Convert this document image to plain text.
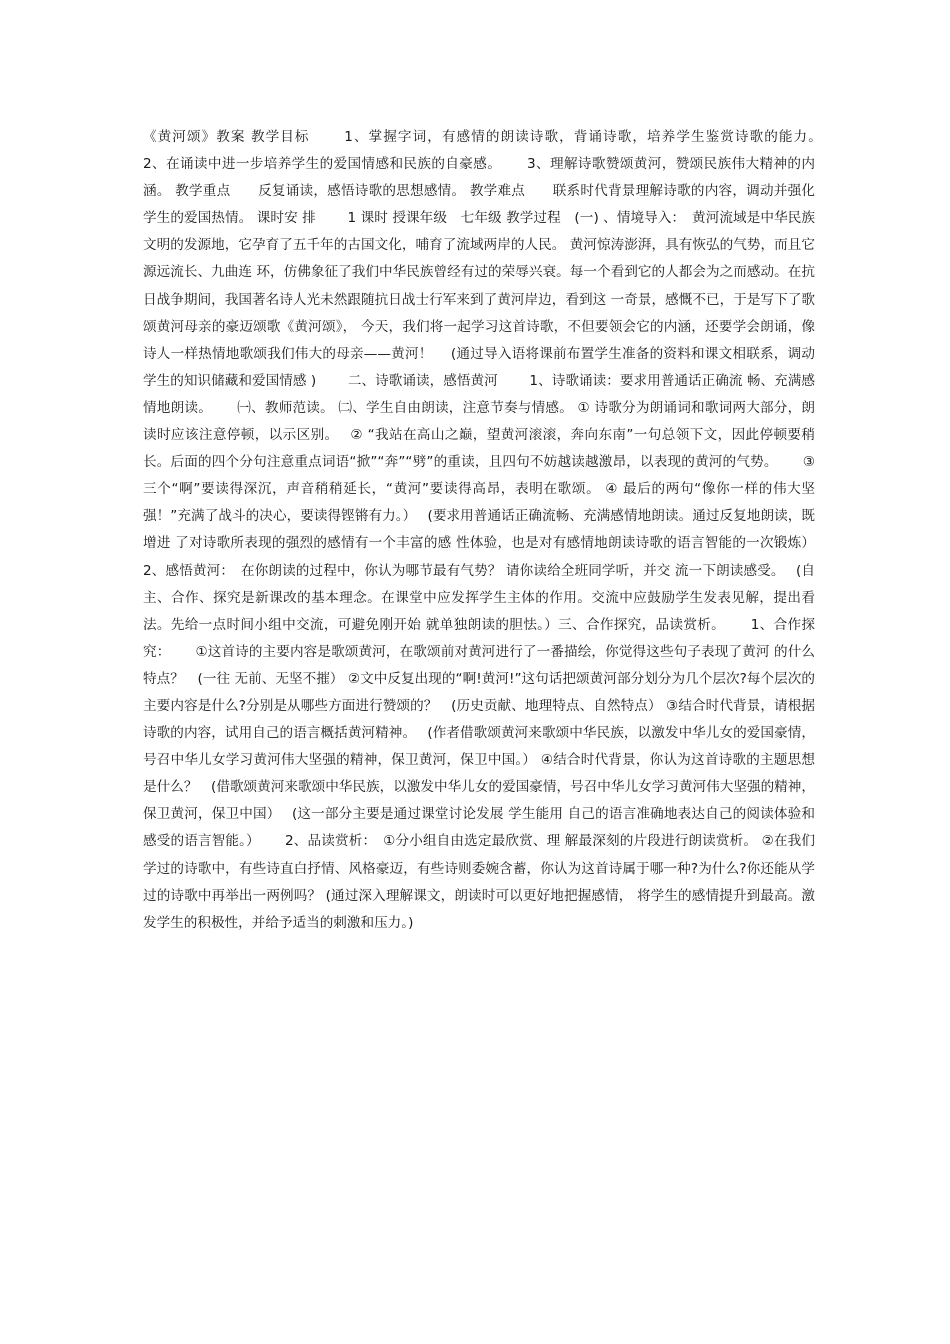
《黄河颂》教案 教学目标　　 1、掌握字词，有感情的朗读诗歌，背诵诗歌，培养学生鉴赏诗歌的能力。　　 2、在诵读中进一步培养学生的爱国情感和民族的自豪感。　　 3、理解诗歌赞颂黄河，赞颂民族伟大精神的内涵。 教学重点　　反复诵读，感悟诗歌的思想感情。 教学难点　　联系时代背景理解诗歌的内容，调动并强化学生的爱国热情。 课时安 排　　 1 课时 授课年级　七年级 教学过程　(一) 、情境导入：　黄河流域是中华民族文明的发源地，它孕育了五千年的古国文化，哺育了流域两岸的人民。 黄河惊涛澎湃，具有恢弘的气势，而且它源远流长、九曲连 环，仿佛象征了我们中华民族曾经有过的荣辱兴衰。每一个看到它的人都会为之而感动。在抗日战争期间，我国著名诗人光未然跟随抗日战士行军来到了黄河岸边，看到这 一奇景，感慨不已，于是写下了歌颂黄河母亲的豪迈颂歌《黄河颂》， 今天，我们将一起学习这首诗歌，不但要领会它的内涵，还要学会朗诵，像诗人一样热情地歌颂我们伟大的母亲——黄河！　 (通过导入语将课前布置学生准备的资料和课文相联系，调动学生的知识储藏和爱国情感 )　　 二、诗歌诵读，感悟黄河　　 1、诗歌诵读：要求用普通话正确流 畅、充满感情地朗读。　　 ㈠、教师范读。 ㈡、学生自由朗读，注意节奏与情感。 ① 诗歌分为朗诵词和歌词两大部分，朗读时应该注意停顿，以示区别。　 ② “我站在高山之巅，望黄河滚滚，奔向东南”一句总领下文，因此停顿要稍长。后面的四个分句注意重点词语“掀”“奔”“劈”的重读，且四句不妨越读越激昂，以表现的黄河的气势。　　 ③ 三个“啊”要读得深沉，声音稍稍延长，“黄河”要读得高昂，表明在歌颂。 ④ 最后的两句“像你一样的伟大坚强！”充满了战斗的决心，要读得铿锵有力。）　 (要求用普通话正确流畅、充满感情地朗读。通过反复地朗读，既增进 了对诗歌所表现的强烈的感情有一个丰富的感 性体验，也是对有感情地朗读诗歌的语言智能的一次锻炼） 2、感悟黄河：　在你朗读的过程中，你认为哪节最有气势？ 请你读给全班同学听，并交 流一下朗读感受。　 (自主、合作、探究是新课改的基本理念。在课堂中应发挥学生主体的作用。交流中应鼓励学生发表见解，提出看法。先给一点时间小组中交流，可避免刚开始 就单独朗读的胆怯。）三、合作探究，品读赏析。　　 1、合作探究：　　 ①这首诗的主要内容是歌颂黄河，在歌颂前对黄河进行了一番描绘，你觉得这些句子表现了黄河 的什么特点？　(一往 无前、无坚不摧） ②文中反复出现的“啊!黄河!”这句话把颂黄河部分划分为几个层次?每个层次的主要内容是什么?分别是从哪些方面进行赞颂的？　(历史贡献、地理特点、自然特点） ③结合时代背景，请根据诗歌的内容，试用自己的语言概括黄河精神。　 (作者借歌颂黄河来歌颂中华民族，以激发中华儿女的爱国豪情，号召中华儿女学习黄河伟大坚强的精神，保卫黄河，保卫中国。） ④结合时代背景，你认为这首诗歌的主题思想是什么？　(借歌颂黄河来歌颂中华民族，以激发中华儿女的爱国豪情，号召中华儿女学习黄河伟大坚强的精神，保卫黄河，保卫中国）　 (这一部分主要是通过课堂讨论发展 学生能用 自己的语言准确地表达自己的阅读体验和感受的语言智能。）　　 2、品读赏析：　①分小组自由选定最欣赏、理 解最深刻的片段进行朗读赏析。 ②在我们学过的诗歌中，有些诗直白抒情、风格豪迈，有些诗则委婉含蓄，你认为这首诗属于哪一种?为什么?你还能从学过的诗歌中再举出一两例吗？ (通过深入理解课文，朗读时可以更好地把握感情， 将学生的感情提升到最高。激发学生的积极性，并给予适当的刺激和压力。)
